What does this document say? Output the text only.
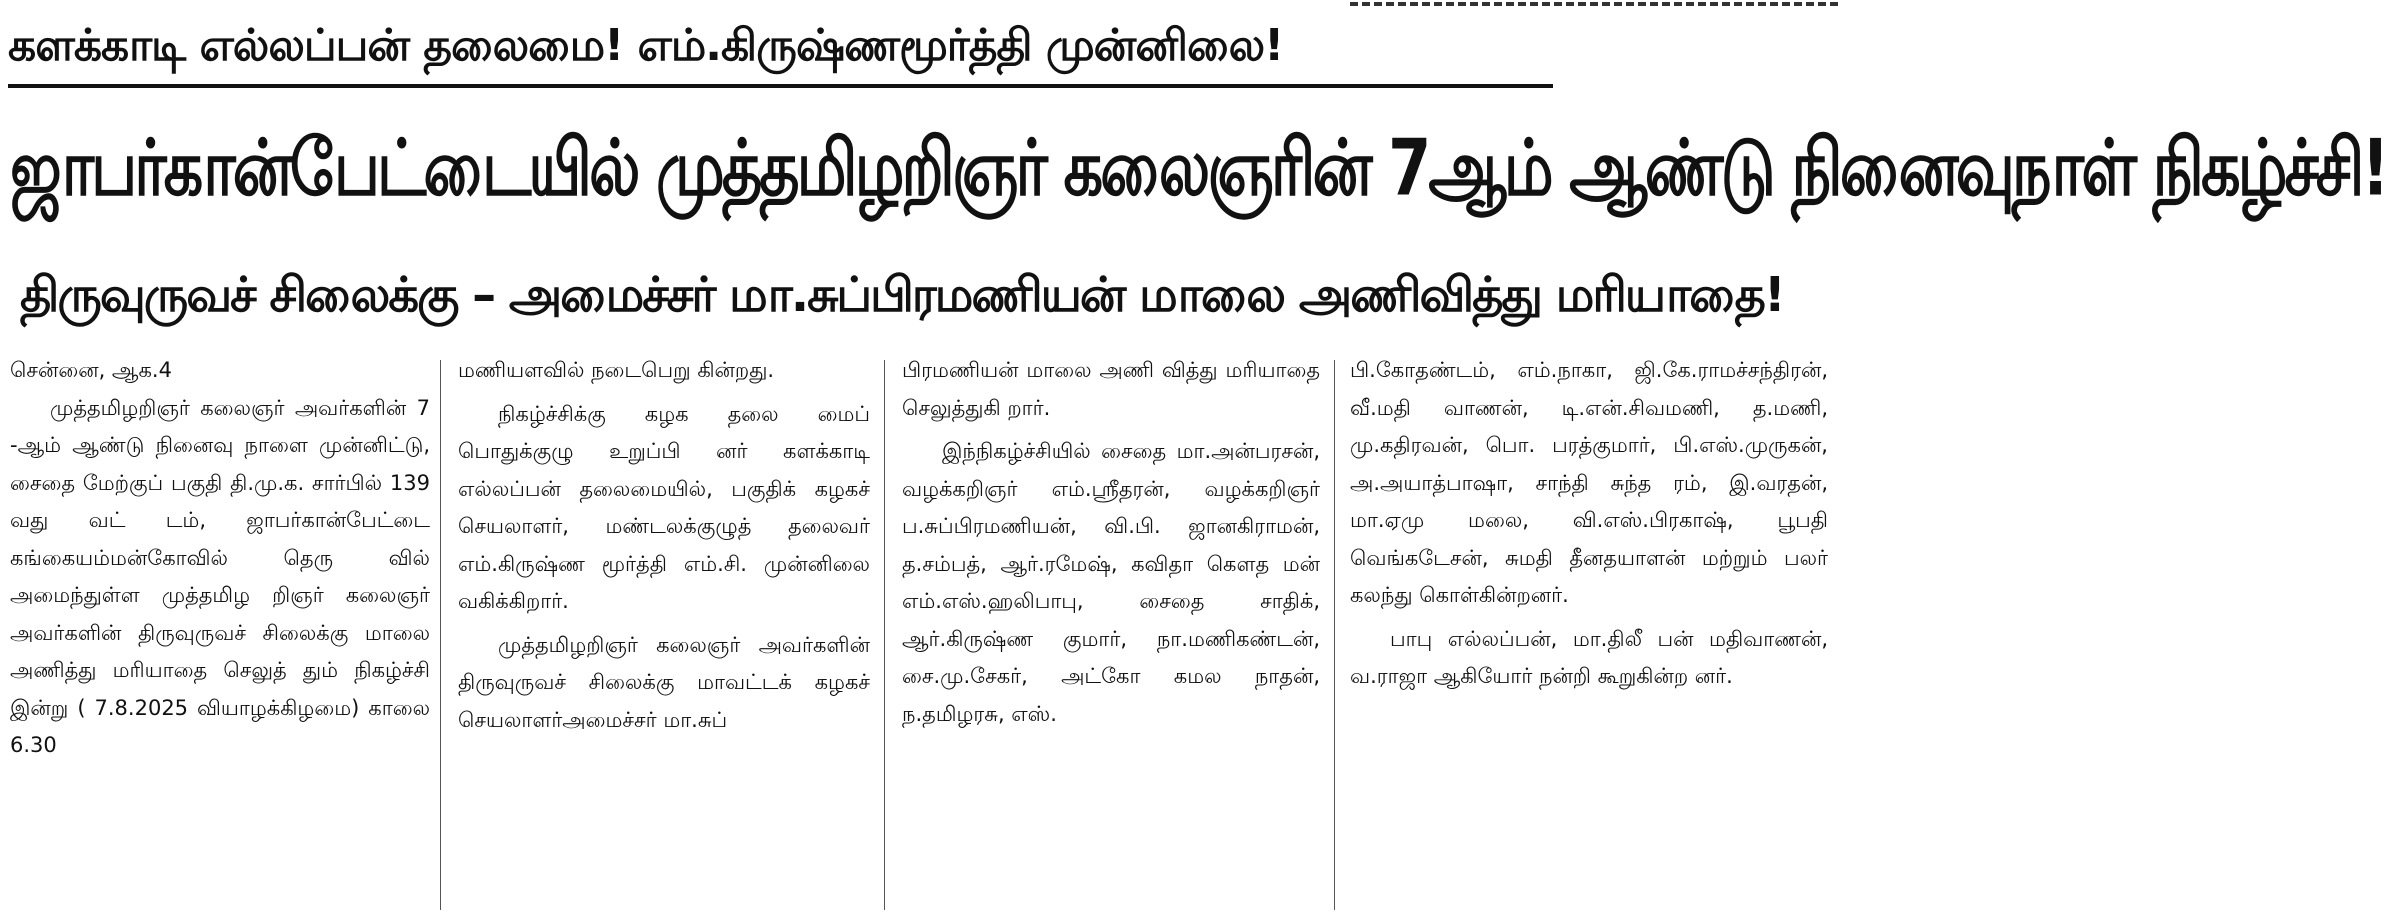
களக்காடி எல்லப்பன் தலைமை! எம்.கிருஷ்ணமூர்த்தி முன்னிலை!
ஜாபர்கான்பேட்டையில் முத்தமிழறிஞர் கலைஞரின் 7ஆம் ஆண்டு நினைவுநாள் நிகழ்ச்சி!
திருவுருவச் சிலைக்கு – அமைச்சர் மா.சுப்பிரமணியன் மாலை அணிவித்து மரியாதை!

சென்னை, ஆக.4

முத்தமிழறிஞர் கலைஞர் அவர்களின் 7 -ஆம் ஆண்டு நினைவு நாளை முன்னிட்டு, சைதை மேற்குப் பகுதி தி.மு.க. சார்பில் 139 வது வட் டம், ஜாபர்கான்பேட்டை கங்கையம்மன்கோவில் தெரு வில் அமைந்துள்ள முத்தமிழ றிஞர் கலைஞர் அவர்களின் திருவுருவச் சிலைக்கு மாலை அணித்து மரியாதை செலுத் தும் நிகழ்ச்சி இன்று ( 7.8.2025 வியாழக்கிழமை) காலை 6.30

மணியளவில் நடைபெறு கின்றது.

நிகழ்ச்சிக்கு கழக தலை மைப் பொதுக்குழு உறுப்பி னர் களக்காடி எல்லப்பன் தலைமையில், பகுதிக் கழகச் செயலாளர், மண்டலக்குழுத் தலைவர் எம்.கிருஷ்ண மூர்த்தி எம்.சி. முன்னிலை வகிக்கிறார்.

முத்தமிழறிஞர் கலைஞர் அவர்களின் திருவுருவச் சிலைக்கு மாவட்டக் கழகச் செயலாளர்அமைச்சர் மா.சுப்

பிரமணியன் மாலை அணி வித்து மரியாதை செலுத்துகி றார்.

இந்நிகழ்ச்சியில் சைதை மா.அன்பரசன், வழக்கறிஞர் எம்.ஸ்ரீதரன், வழக்கறிஞர் ப.சுப்பிரமணியன், வி.பி. ஜானகிராமன், த.சம்பத், ஆர்.ரமேஷ், கவிதா கௌத மன் எம்.எஸ்.ஹலிபாபு, சைதை சாதிக், ஆர்.கிருஷ்ண குமார், நா.மணிகண்டன், சை.மு.சேகர், அட்கோ கமல நாதன், ந.தமிழரசு, எஸ்.

பி.கோதண்டம், எம்.நாகா, ஜி.கே.ராமச்சந்திரன், வீ.மதி வாணன், டி.என்.சிவமணி, த.மணி, மு.கதிரவன், பொ. பரத்குமார், பி.எஸ்.முருகன், அ.அயாத்பாஷா, சாந்தி சுந்த ரம், இ.வரதன், மா.ஏமு மலை, வி.எஸ்.பிரகாஷ், பூபதி வெங்கடேசன், சுமதி தீனதயாளன் மற்றும் பலர் கலந்து கொள்கின்றனர்.

பாபு எல்லப்பன், மா.திலீ பன் மதிவாணன், வ.ராஜா ஆகியோர் நன்றி கூறுகின்ற னர்.
